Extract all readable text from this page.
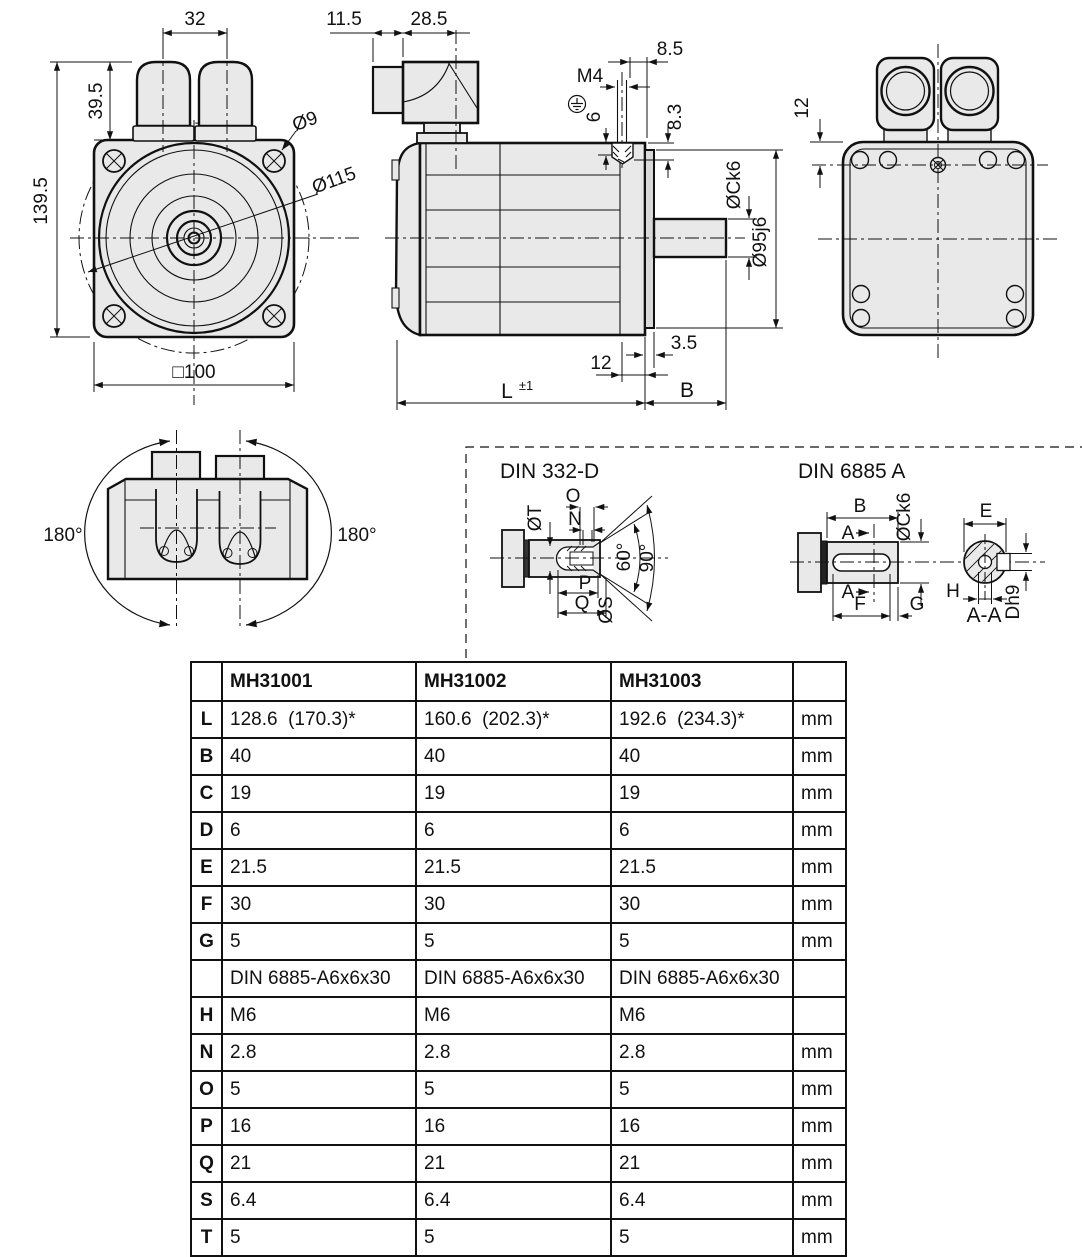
32
39.5
139.5
□100
Ø9
Ø115
11.5	28.5
8.5
M4
6	8.3
ØCk6
Ø95j6
3.5
12
L ±1	B
12
180°	180°
DIN 332-D
60° 90°
ØT
O
N
P
Q ØS
DIN 6885 A
A
A
B ØCk6
F G
E
H Dh9
A-A
	MH31001	MH31002	MH31003	
L	128.6  (170.3)*	160.6  (202.3)*	192.6  (234.3)*	mm
B	40	40	40	mm
C	19	19	19	mm
D	6	6	6	mm
E	21.5	21.5	21.5	mm
F	30	30	30	mm
G	5	5	5	mm
	DIN 6885-A6x6x30	DIN 6885-A6x6x30	DIN 6885-A6x6x30	
H	M6	M6	M6	
N	2.8	2.8	2.8	mm
O	5	5	5	mm
P	16	16	16	mm
Q	21	21	21	mm
S	6.4	6.4	6.4	mm
T	5	5	5	mm
